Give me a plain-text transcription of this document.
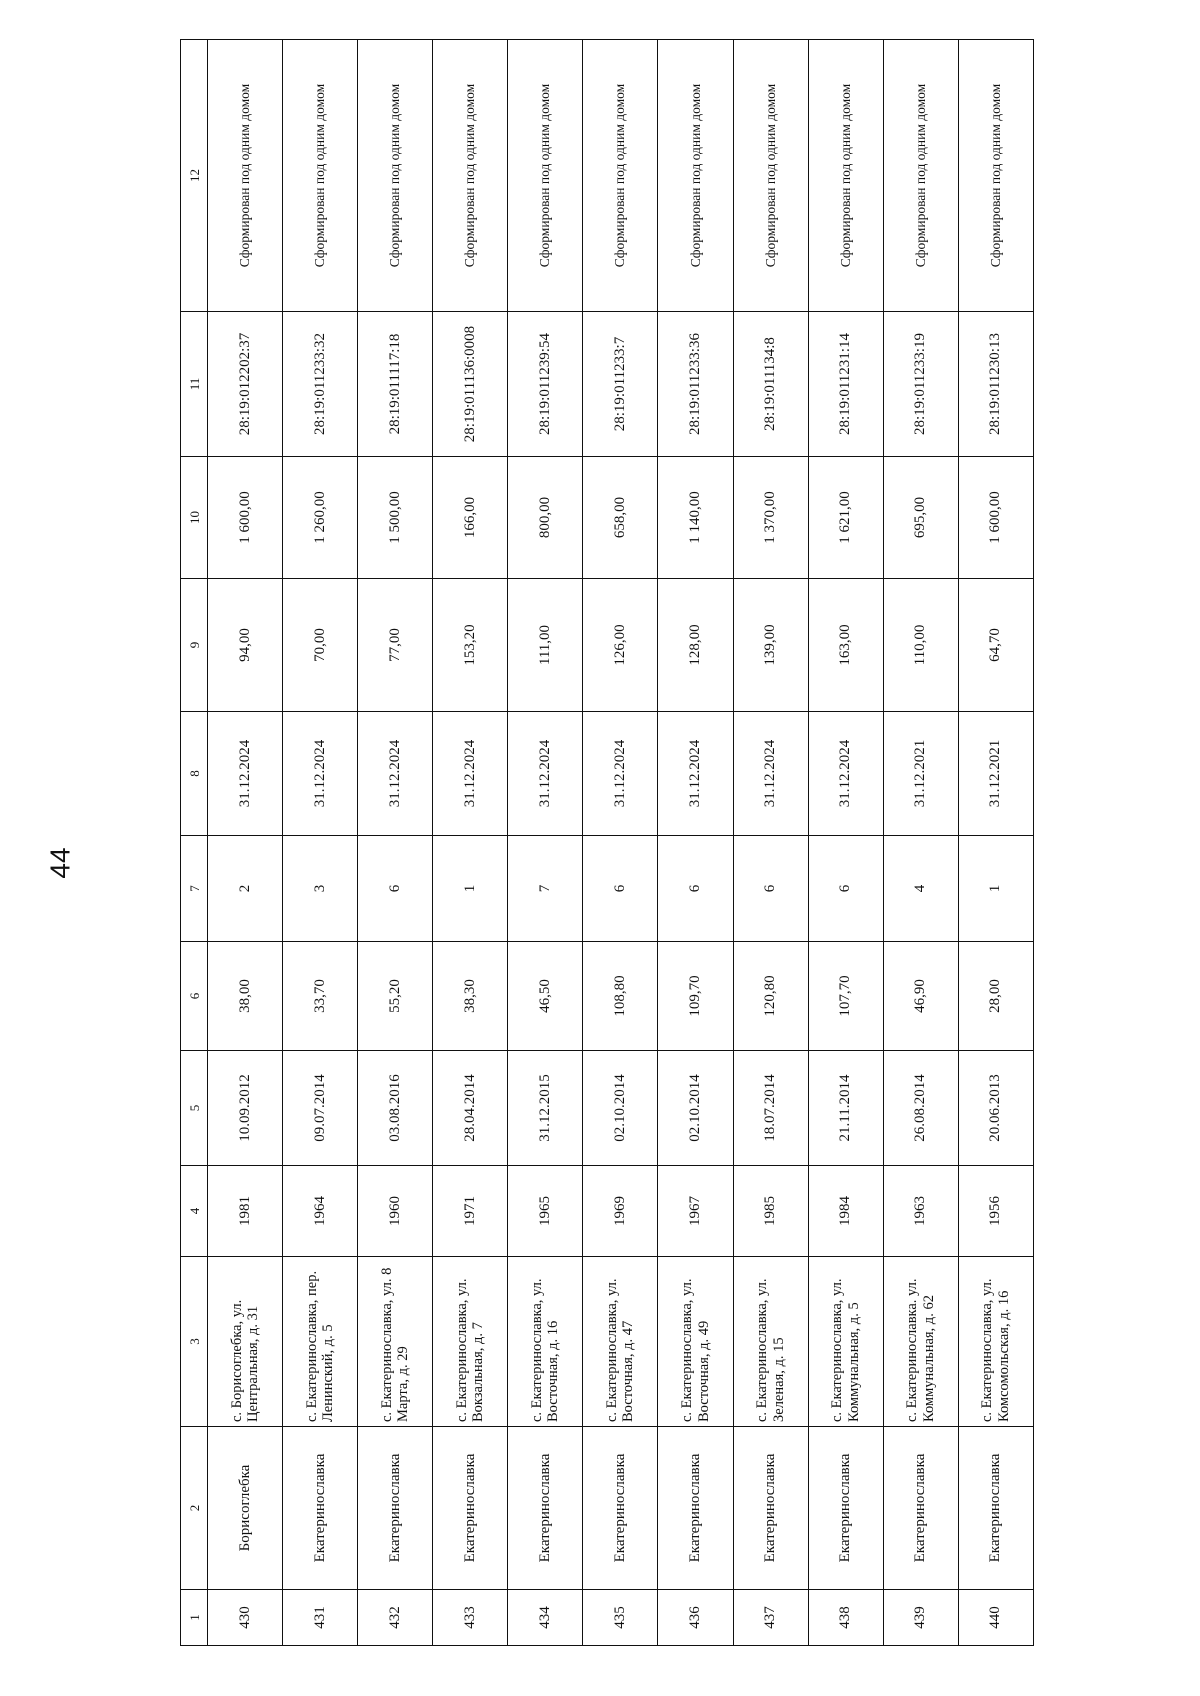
44
1	2	3	4	5	6	7	8	9	10	11	12
430	Борисоглебка	с. Борисоглебка, ул. Центральная, д. 31	1981	10.09.2012	38,00	2	31.12.2024	94,00	1 600,00	28:19:012202:37	Сформирован под одним домом
431	Екатеринославка	с. Екатеринославка, пер. Ленинский, д. 5	1964	09.07.2014	33,70	3	31.12.2024	70,00	1 260,00	28:19:011233:32	Сформирован под одним домом
432	Екатеринославка	с. Екатеринославка, ул. 8 Марта, д. 29	1960	03.08.2016	55,20	6	31.12.2024	77,00	1 500,00	28:19:011117:18	Сформирован под одним домом
433	Екатеринославка	с. Екатеринославка, ул. Вокзальная, д. 7	1971	28.04.2014	38,30	1	31.12.2024	153,20	166,00	28:19:011136:0008	Сформирован под одним домом
434	Екатеринославка	с. Екатеринославка, ул. Восточная, д. 16	1965	31.12.2015	46,50	7	31.12.2024	111,00	800,00	28:19:011239:54	Сформирован под одним домом
435	Екатеринославка	с. Екатеринославка, ул. Восточная, д. 47	1969	02.10.2014	108,80	6	31.12.2024	126,00	658,00	28:19:011233:7	Сформирован под одним домом
436	Екатеринославка	с. Екатеринославка, ул. Восточная, д. 49	1967	02.10.2014	109,70	6	31.12.2024	128,00	1 140,00	28:19:011233:36	Сформирован под одним домом
437	Екатеринославка	с. Екатеринославка, ул. Зеленая, д. 15	1985	18.07.2014	120,80	6	31.12.2024	139,00	1 370,00	28:19:011134:8	Сформирован под одним домом
438	Екатеринославка	с. Екатеринославка, ул. Коммунальная, д. 5	1984	21.11.2014	107,70	6	31.12.2024	163,00	1 621,00	28:19:011231:14	Сформирован под одним домом
439	Екатеринославка	с. Екатеринославка. ул. Коммунальная, д. 62	1963	26.08.2014	46,90	4	31.12.2021	110,00	695,00	28:19:011233:19	Сформирован под одним домом
440	Екатеринославка	с. Екатеринославка, ул. Комсомольская, д. 16	1956	20.06.2013	28,00	1	31.12.2021	64,70	1 600,00	28:19:011230:13	Сформирован под одним домом
